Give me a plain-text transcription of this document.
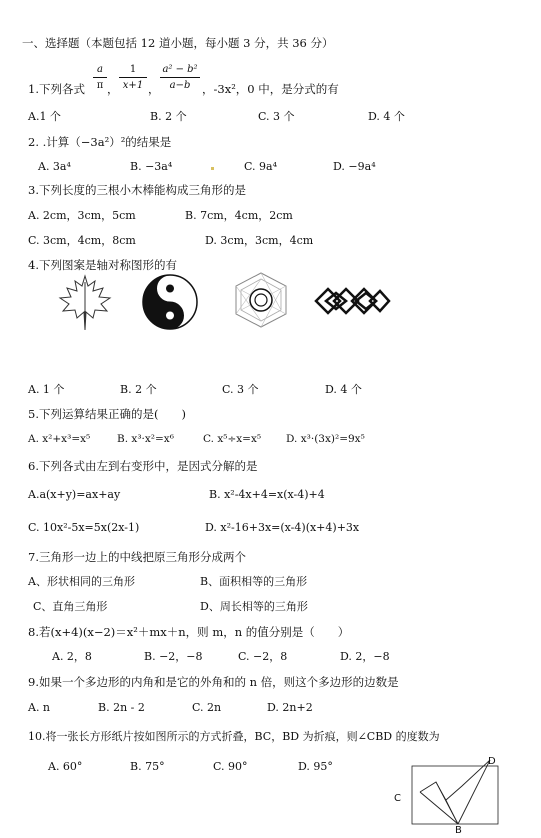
一、选择题（本题包括 12 道小题，每小题 3 分，共 36 分）
1.下列各式
a
π ，
1
x+1 ，
a² − b²
a−b	，-3x²，0 中，是分式的有
A.1 个	B. 2 个	C. 3 个	D. 4 个
2. .计算（−3a²）²的结果是
A. 3a⁴	B. −3a⁴	C. 9a⁴	D. −9a⁴
3.下列长度的三根小木棒能构成三角形的是
A. 2cm，3cm，5cm	B. 7cm，4cm，2cm
C. 3cm，4cm，8cm	D. 3cm，3cm，4cm
4.下列图案是轴对称图形的有
A. 1 个	B. 2 个	C. 3 个	D. 4 个
5.下列运算结果正确的是(　　)
A. x²+x³=x⁵	B. x³·x²=x⁶	C. x⁵÷x=x⁵ D. x³·(3x)²=9x⁵
6.下列各式由左到右变形中，是因式分解的是
A.a(x+y)=ax+ay	B. x²-4x+4=x(x-4)+4
C. 10x²-5x=5x(2x-1)	D. x²-16+3x=(x-4)(x+4)+3x
7.三角形一边上的中线把原三角形分成两个
A、形状相同的三角形	B、面积相等的三角形
C、直角三角形	D、周长相等的三角形
8.若(x+4)(x−2)＝x²＋mx＋n，则 m，n 的值分别是（　　）
A. 2，8	B. −2，−8	C. −2，8	D. 2，−8
9.如果一个多边形的内角和是它的外角和的 n 倍，则这个多边形的边数是
A. n	B. 2n - 2	C. 2n	D. 2n+2
10.将一张长方形纸片按如图所示的方式折叠，BC，BD 为折痕，则∠CBD 的度数为
A. 60°	B. 75°	C. 90°	D. 95°
C
D
B
